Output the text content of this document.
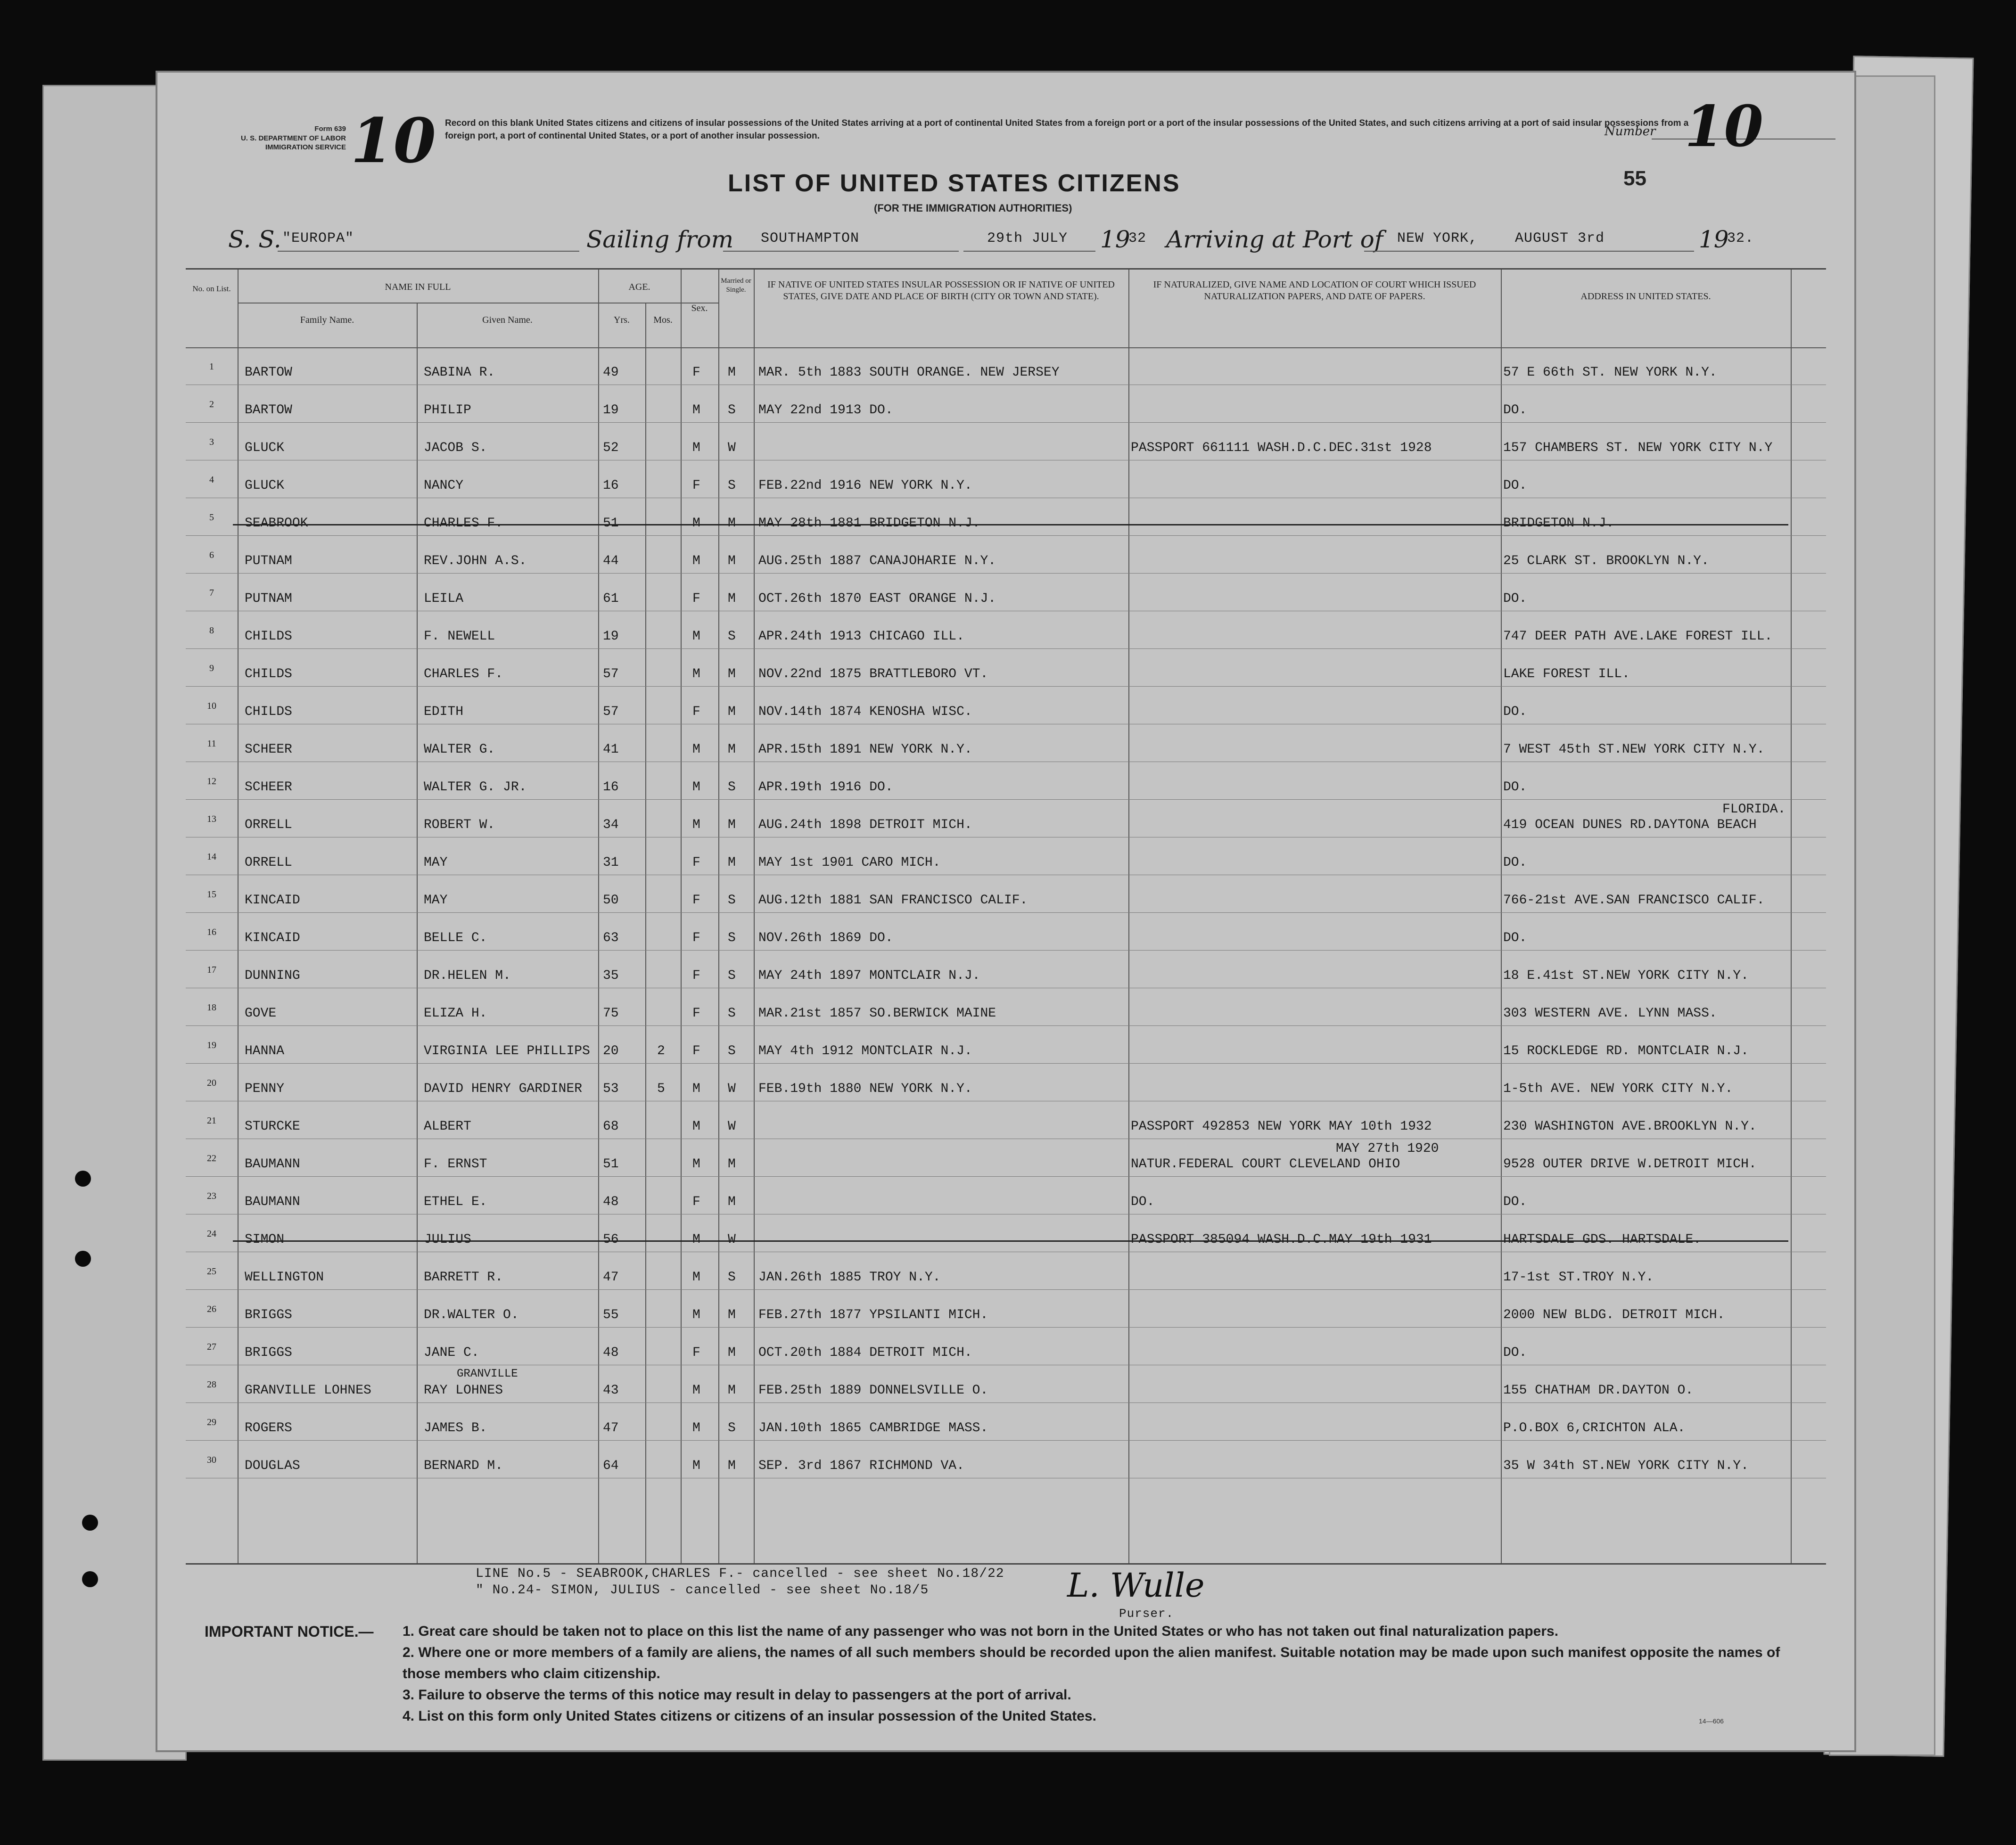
Form 639
U. S. DEPARTMENT OF LABOR
IMMIGRATION SERVICE 10 Record on this blank United States citizens and citizens of insular possessions of the United States arriving at a port of continental United States from a foreign port or a port of the insular possessions of the United States, and such citizens arriving at a port of said insular possessions from a foreign port, a port of continental United States, or a port of another insular possession.	Number 10
55
LIST OF UNITED STATES CITIZENS
(FOR THE IMMIGRATION AUTHORITIES)
S. S. "EUROPA"	Sailing from SOUTHAMPTON	29th JULY 19
32 Arriving at Port of NEW YORK,	AUGUST 3rd	19
32.
No. on List.	NAME IN FULL
Family Name.	Given Name.
AGE.
Yrs.	Mos.
Sex.
Married or Single.	IF NATIVE OF UNITED STATES INSULAR POSSESSION OR IF NATIVE OF UNITED STATES, GIVE DATE AND PLACE OF BIRTH (CITY OR TOWN AND STATE).
IF NATURALIZED, GIVE NAME AND LOCATION OF COURT WHICH ISSUED NATURALIZATION PAPERS, AND DATE OF PAPERS.	ADDRESS IN UNITED STATES.
1	BARTOW	SABINA R.	49	F M MAR. 5th 1883 SOUTH ORANGE. NEW JERSEY	57 E 66th ST. NEW YORK N.Y.
2	BARTOW	PHILIP	19	M S MAY 22nd 1913 DO.	DO.
3	GLUCK	JACOB S.	52	M W	PASSPORT 661111 WASH.D.C.DEC.31st 1928	157 CHAMBERS ST. NEW YORK CITY N.Y
4	GLUCK	NANCY	16	F S FEB.22nd 1916 NEW YORK N.Y.	DO.
5	SEABROOK	CHARLES F.	51	M M MAY 28th 1881 BRIDGETON N.J.	BRIDGETON N.J.
6	PUTNAM	REV.JOHN A.S.	44	M M AUG.25th 1887 CANAJOHARIE N.Y.	25 CLARK ST. BROOKLYN N.Y.
7	PUTNAM	LEILA	61	F M OCT.26th 1870 EAST ORANGE N.J.	DO.
8	CHILDS	F. NEWELL	19	M S APR.24th 1913 CHICAGO ILL.	747 DEER PATH AVE.LAKE FOREST ILL.
9	CHILDS	CHARLES F.	57	M M NOV.22nd 1875 BRATTLEBORO VT.	LAKE FOREST ILL.
10	CHILDS	EDITH	57	F M NOV.14th 1874 KENOSHA WISC.	DO.
11	SCHEER	WALTER G.	41	M M APR.15th 1891 NEW YORK N.Y.	7 WEST 45th ST.NEW YORK CITY N.Y.
12	SCHEER	WALTER G. JR.	16	M S APR.19th 1916 DO.	DO.
13	ORRELL	ROBERT W.	34	M M AUG.24th 1898 DETROIT MICH.	419 OCEAN DUNES RD.DAYTONA BEACH
FLORIDA.
14	ORRELL	MAY	31	F M MAY 1st 1901 CARO MICH.	DO.
15	KINCAID	MAY	50	F S AUG.12th 1881 SAN FRANCISCO CALIF.	766-21st AVE.SAN FRANCISCO CALIF.
16	KINCAID	BELLE C.	63	F S NOV.26th 1869 DO.	DO.
17	DUNNING	DR.HELEN M.	35	F S MAY 24th 1897 MONTCLAIR N.J.	18 E.41st ST.NEW YORK CITY N.Y.
18	GOVE	ELIZA H.	75	F S MAR.21st 1857 SO.BERWICK MAINE	303 WESTERN AVE. LYNN MASS.
19	HANNA	VIRGINIA LEE PHILLIPS 20	2 F S MAY 4th 1912 MONTCLAIR N.J.	15 ROCKLEDGE RD. MONTCLAIR N.J.
20	PENNY	DAVID HENRY GARDINER 53	5 M W FEB.19th 1880 NEW YORK N.Y.	1-5th AVE. NEW YORK CITY N.Y.
21	STURCKE	ALBERT	68	M W	PASSPORT 492853 NEW YORK MAY 10th 1932	230 WASHINGTON AVE.BROOKLYN N.Y.
22	BAUMANN	F. ERNST	51	M M	NATUR.FEDERAL COURT CLEVELAND OHIO	9528 OUTER DRIVE W.DETROIT MICH.
MAY 27th 1920
23	BAUMANN	ETHEL E.	48	F M	DO.	DO.
24	SIMON	JULIUS	56	M W	PASSPORT 385094 WASH.D.C.MAY 19th 1931	HARTSDALE GDS. HARTSDALE.
25	WELLINGTON	BARRETT R.	47	M S JAN.26th 1885 TROY N.Y.	17-1st ST.TROY N.Y.
26	BRIGGS	DR.WALTER O.	55	M M FEB.27th 1877 YPSILANTI MICH.	2000 NEW BLDG. DETROIT MICH.
27	BRIGGS	JANE C.	48	F M OCT.20th 1884 DETROIT MICH.	DO.
28	GRANVILLE LOHNES	RAY LOHNES	43	M M FEB.25th 1889 DONNELSVILLE O.	155 CHATHAM DR.DAYTON O.
GRANVILLE
29	ROGERS	JAMES B.	47	M S JAN.10th 1865 CAMBRIDGE MASS.	P.O.BOX 6,CRICHTON ALA.
30	DOUGLAS	BERNARD M.	64	M M SEP. 3rd 1867 RICHMOND VA.	35 W 34th ST.NEW YORK CITY N.Y.
LINE No.5 - SEABROOK,CHARLES F.- cancelled - see sheet No.18/22
" No.24- SIMON, JULIUS - cancelled - see sheet No.18/5	L. Wulle
Purser.
IMPORTANT NOTICE.— 1. Great care should be taken not to place on this list the name of any passenger who was not born in the United States or who has not taken out final naturalization papers.
2. Where one or more members of a family are aliens, the names of all such members should be recorded upon the alien manifest. Suitable notation may be made upon such manifest opposite the names of those members who claim citizenship.
3. Failure to observe the terms of this notice may result in delay to passengers at the port of arrival.
4. List on this form only United States citizens or citizens of an insular possession of the United States.	14—606
